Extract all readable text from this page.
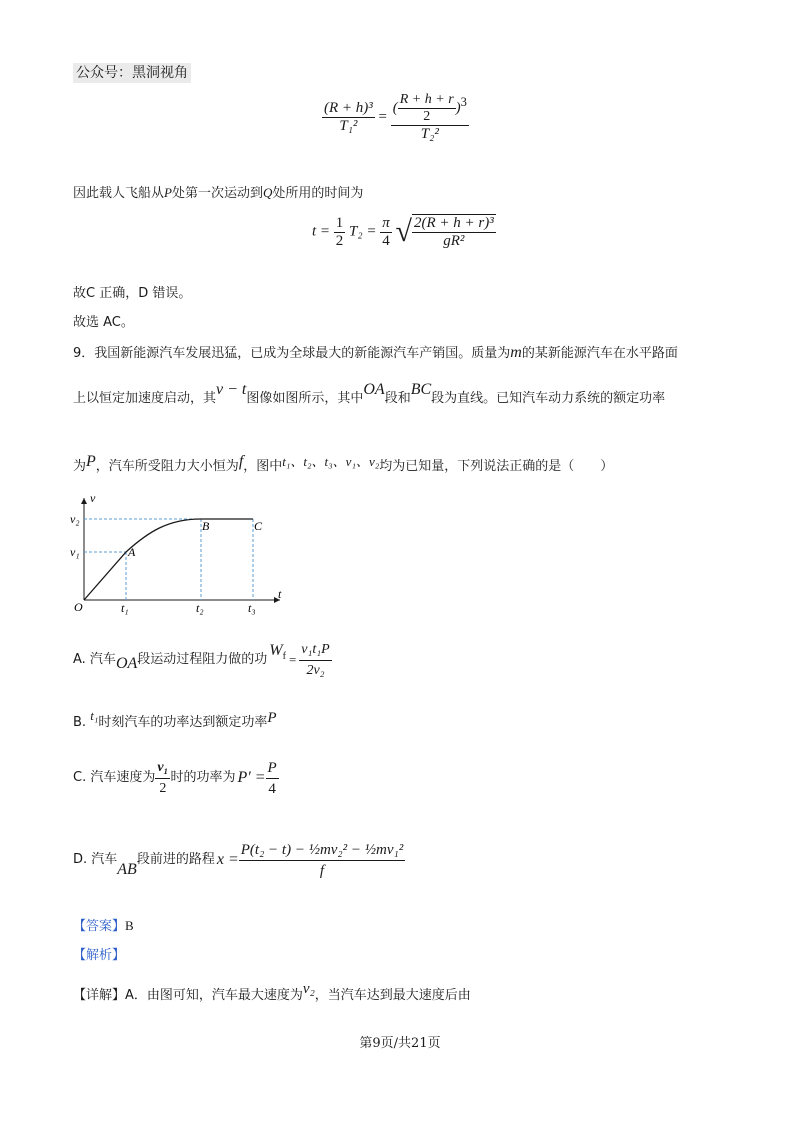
公众号：黑洞视角
$\frac{\text{(R + h)³}}{\text{T₁²}} = \frac{( \frac{R + h + r}{2} )^3}{\text{T₂²}}$
因此载人飞船从P处第一次运动到Q处所用的时间为
$t = \frac{1}{2} T_2 = \frac{\pi}{4}$ √ $\frac{\text{2(R + h + r)³}}{\text{gR²}}$
故C 正确，D 错误。
故选 AC。
9．我国新能源汽车发展迅猛，已成为全球最大的新能源汽车产销国。质量为m的某新能源汽车在水平路面
上以恒定加速度启动，其v − t图像如图所示，其中OA段和BC段为直线。已知汽车动力系统的额定功率
为P，汽车所受阻力大小恒为f，图中t₁、t₂、t₃、v₁、v₂均为已知量，下列说法正确的是（　　）
v
t
O
v₂
v₁
t₁	t₂	t₃
A
B	C
A. 汽车 OA 段运动过程阻力做的功
$W_f = \frac{\text{v₁t₁P}}{\text{2v₂}}$
B. t₁时刻汽车的功率达到额定功率P
C. 汽车速度为 $\frac{\text{v₁}}{2}$ 时的功率为 $P' = \frac{P}{4}$
D. 汽车
AB
段前进的路程 $x = \frac{\text{P(t₂ − t) − ½mv₂² − ½mv₁²}}{f}$
【答案】B
【解析】
【详解】A．由图可知，汽车最大速度为v₂，当汽车达到最大速度后由
第9页/共21页
